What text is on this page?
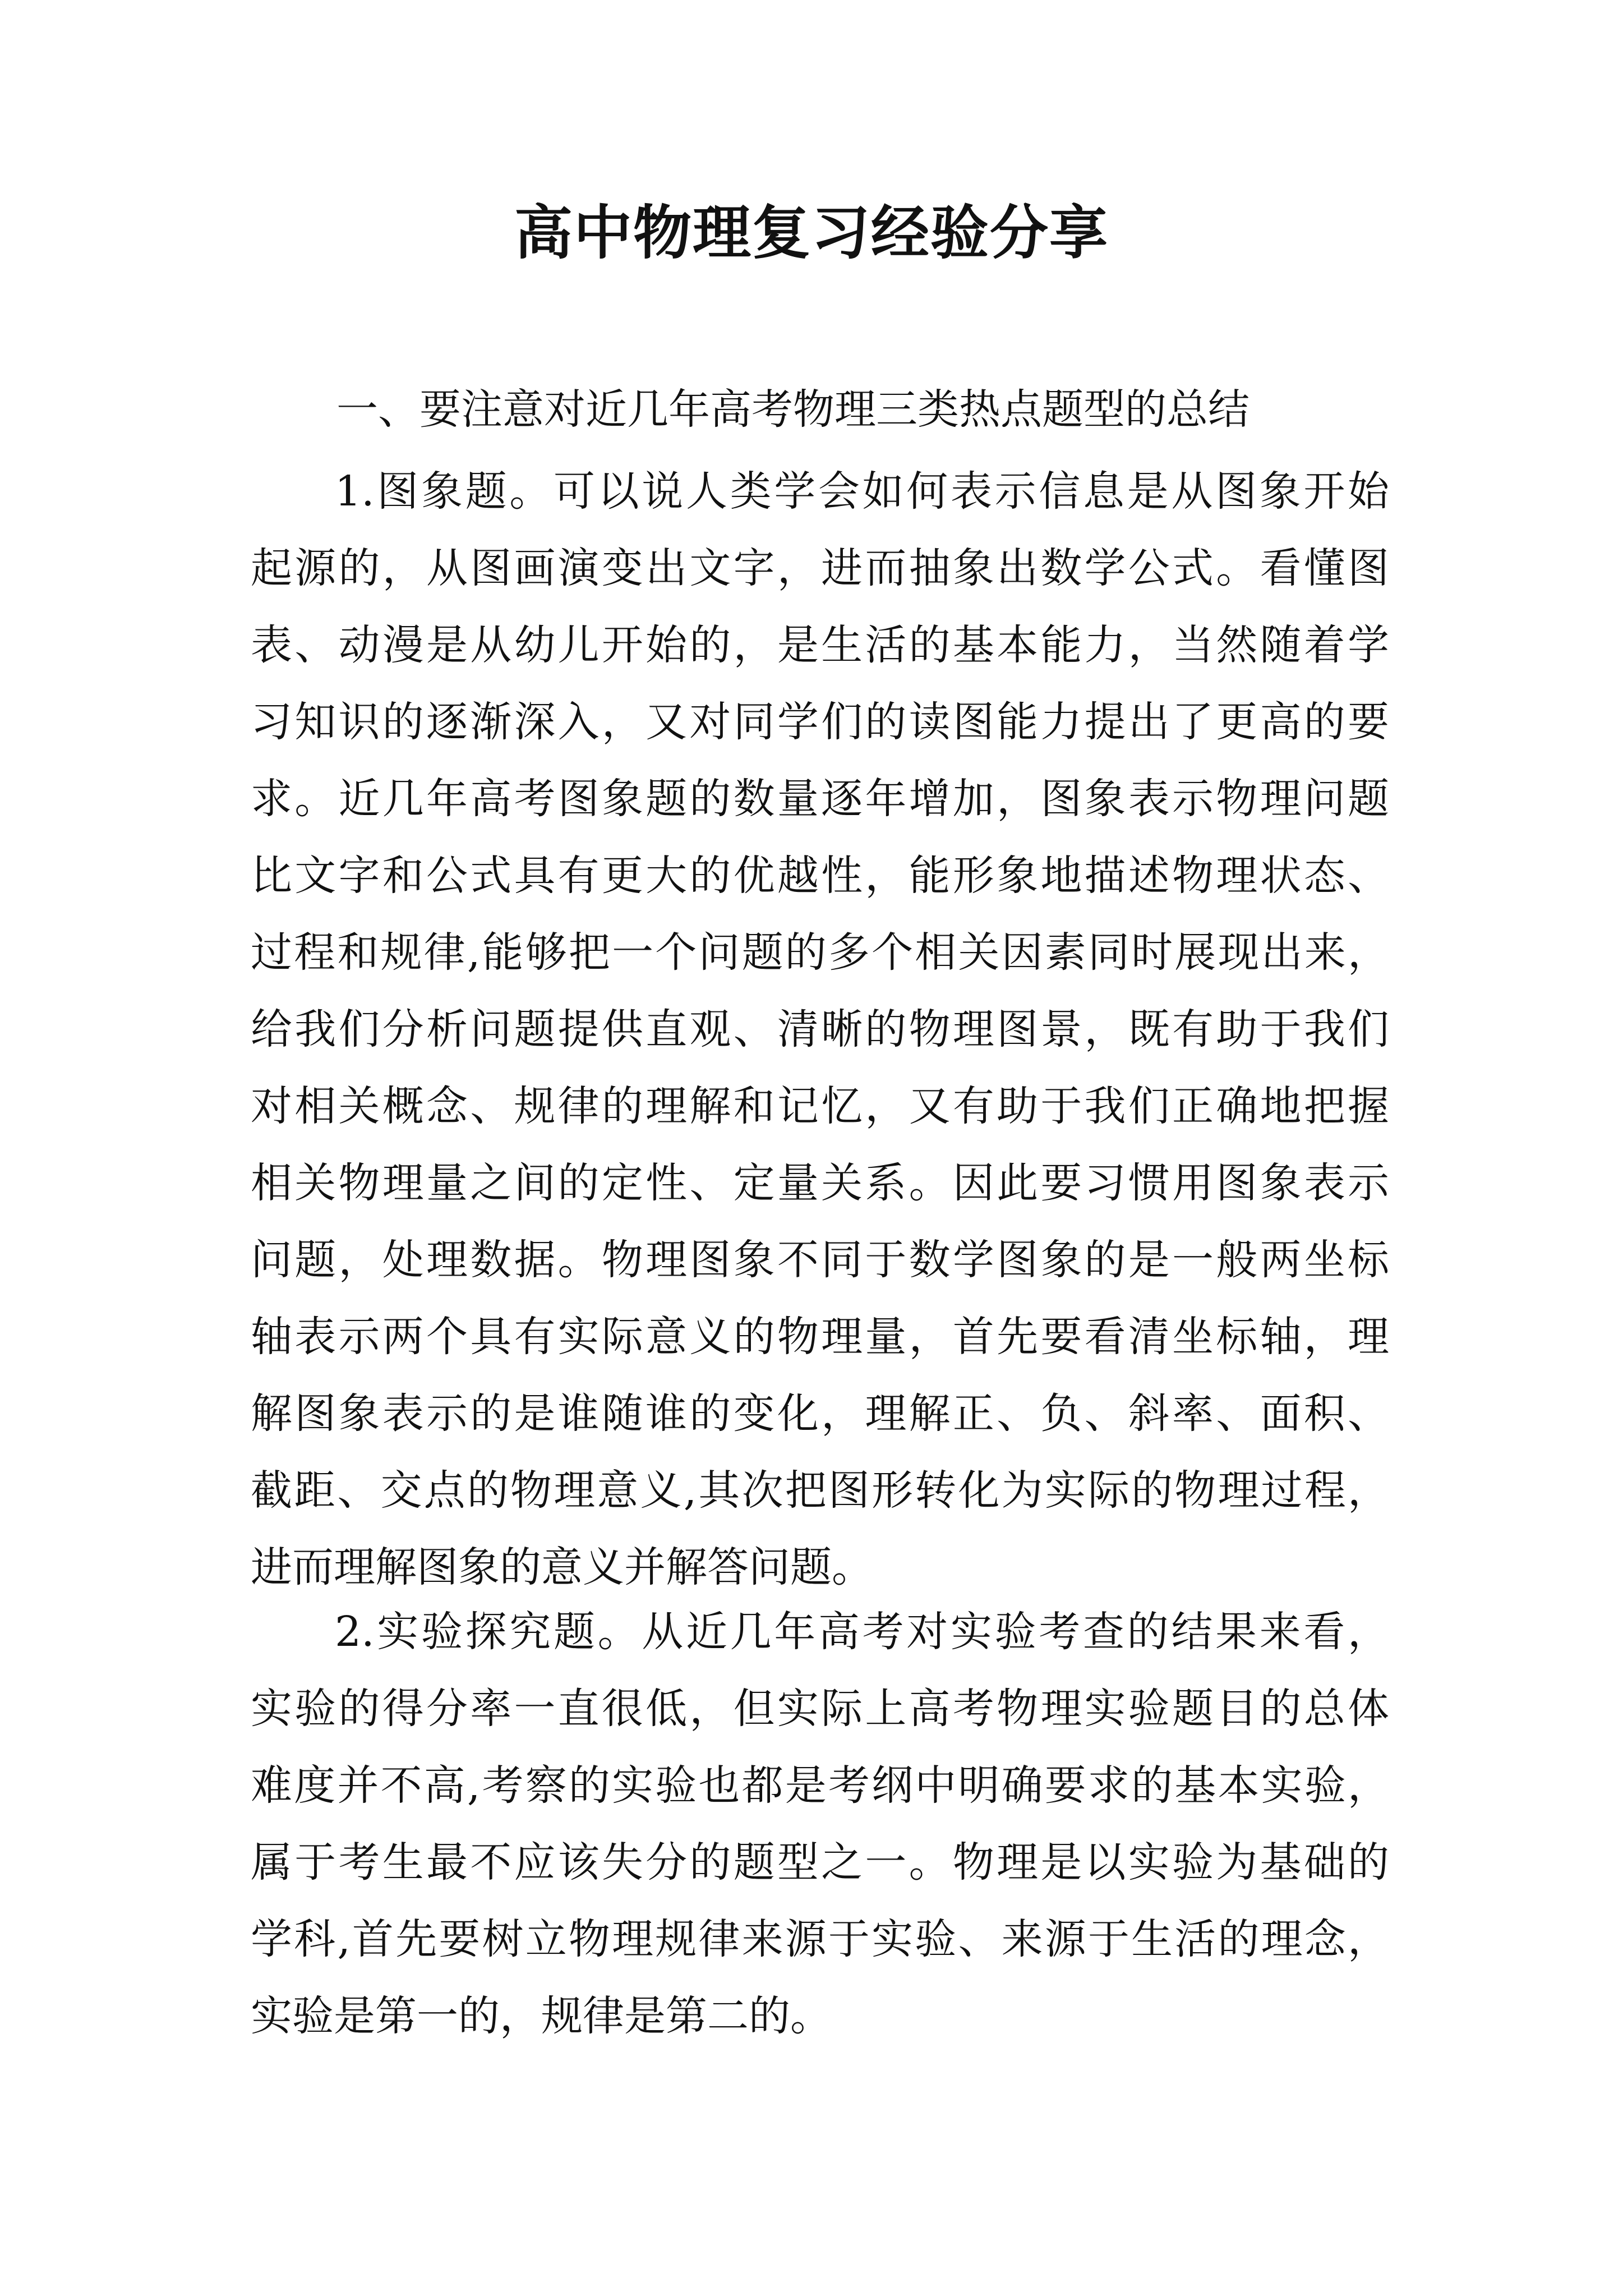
高中物理复习经验分享
一、要注意对近几年高考物理三类热点题型的总结
1.图象题。可以说人类学会如何表示信息是从图象开始
起源的，从图画演变出文字，进而抽象出数学公式。看懂图
表、动漫是从幼儿开始的，是生活的基本能力，当然随着学
习知识的逐渐深入，又对同学们的读图能力提出了更高的要
求。近几年高考图象题的数量逐年增加，图象表示物理问题
比文字和公式具有更大的优越性，能形象地描述物理状态、
过程和规律,能够把一个问题的多个相关因素同时展现出来，
给我们分析问题提供直观、清晰的物理图景，既有助于我们
对相关概念、规律的理解和记忆，又有助于我们正确地把握
相关物理量之间的定性、定量关系。因此要习惯用图象表示
问题，处理数据。物理图象不同于数学图象的是一般两坐标
轴表示两个具有实际意义的物理量，首先要看清坐标轴，理
解图象表示的是谁随谁的变化，理解正、负、斜率、面积、
截距、交点的物理意义,其次把图形转化为实际的物理过程，
进而理解图象的意义并解答问题。
2.实验探究题。从近几年高考对实验考查的结果来看，
实验的得分率一直很低，但实际上高考物理实验题目的总体
难度并不高,考察的实验也都是考纲中明确要求的基本实验，
属于考生最不应该失分的题型之一。物理是以实验为基础的
学科,首先要树立物理规律来源于实验、来源于生活的理念，
实验是第一的，规律是第二的。
